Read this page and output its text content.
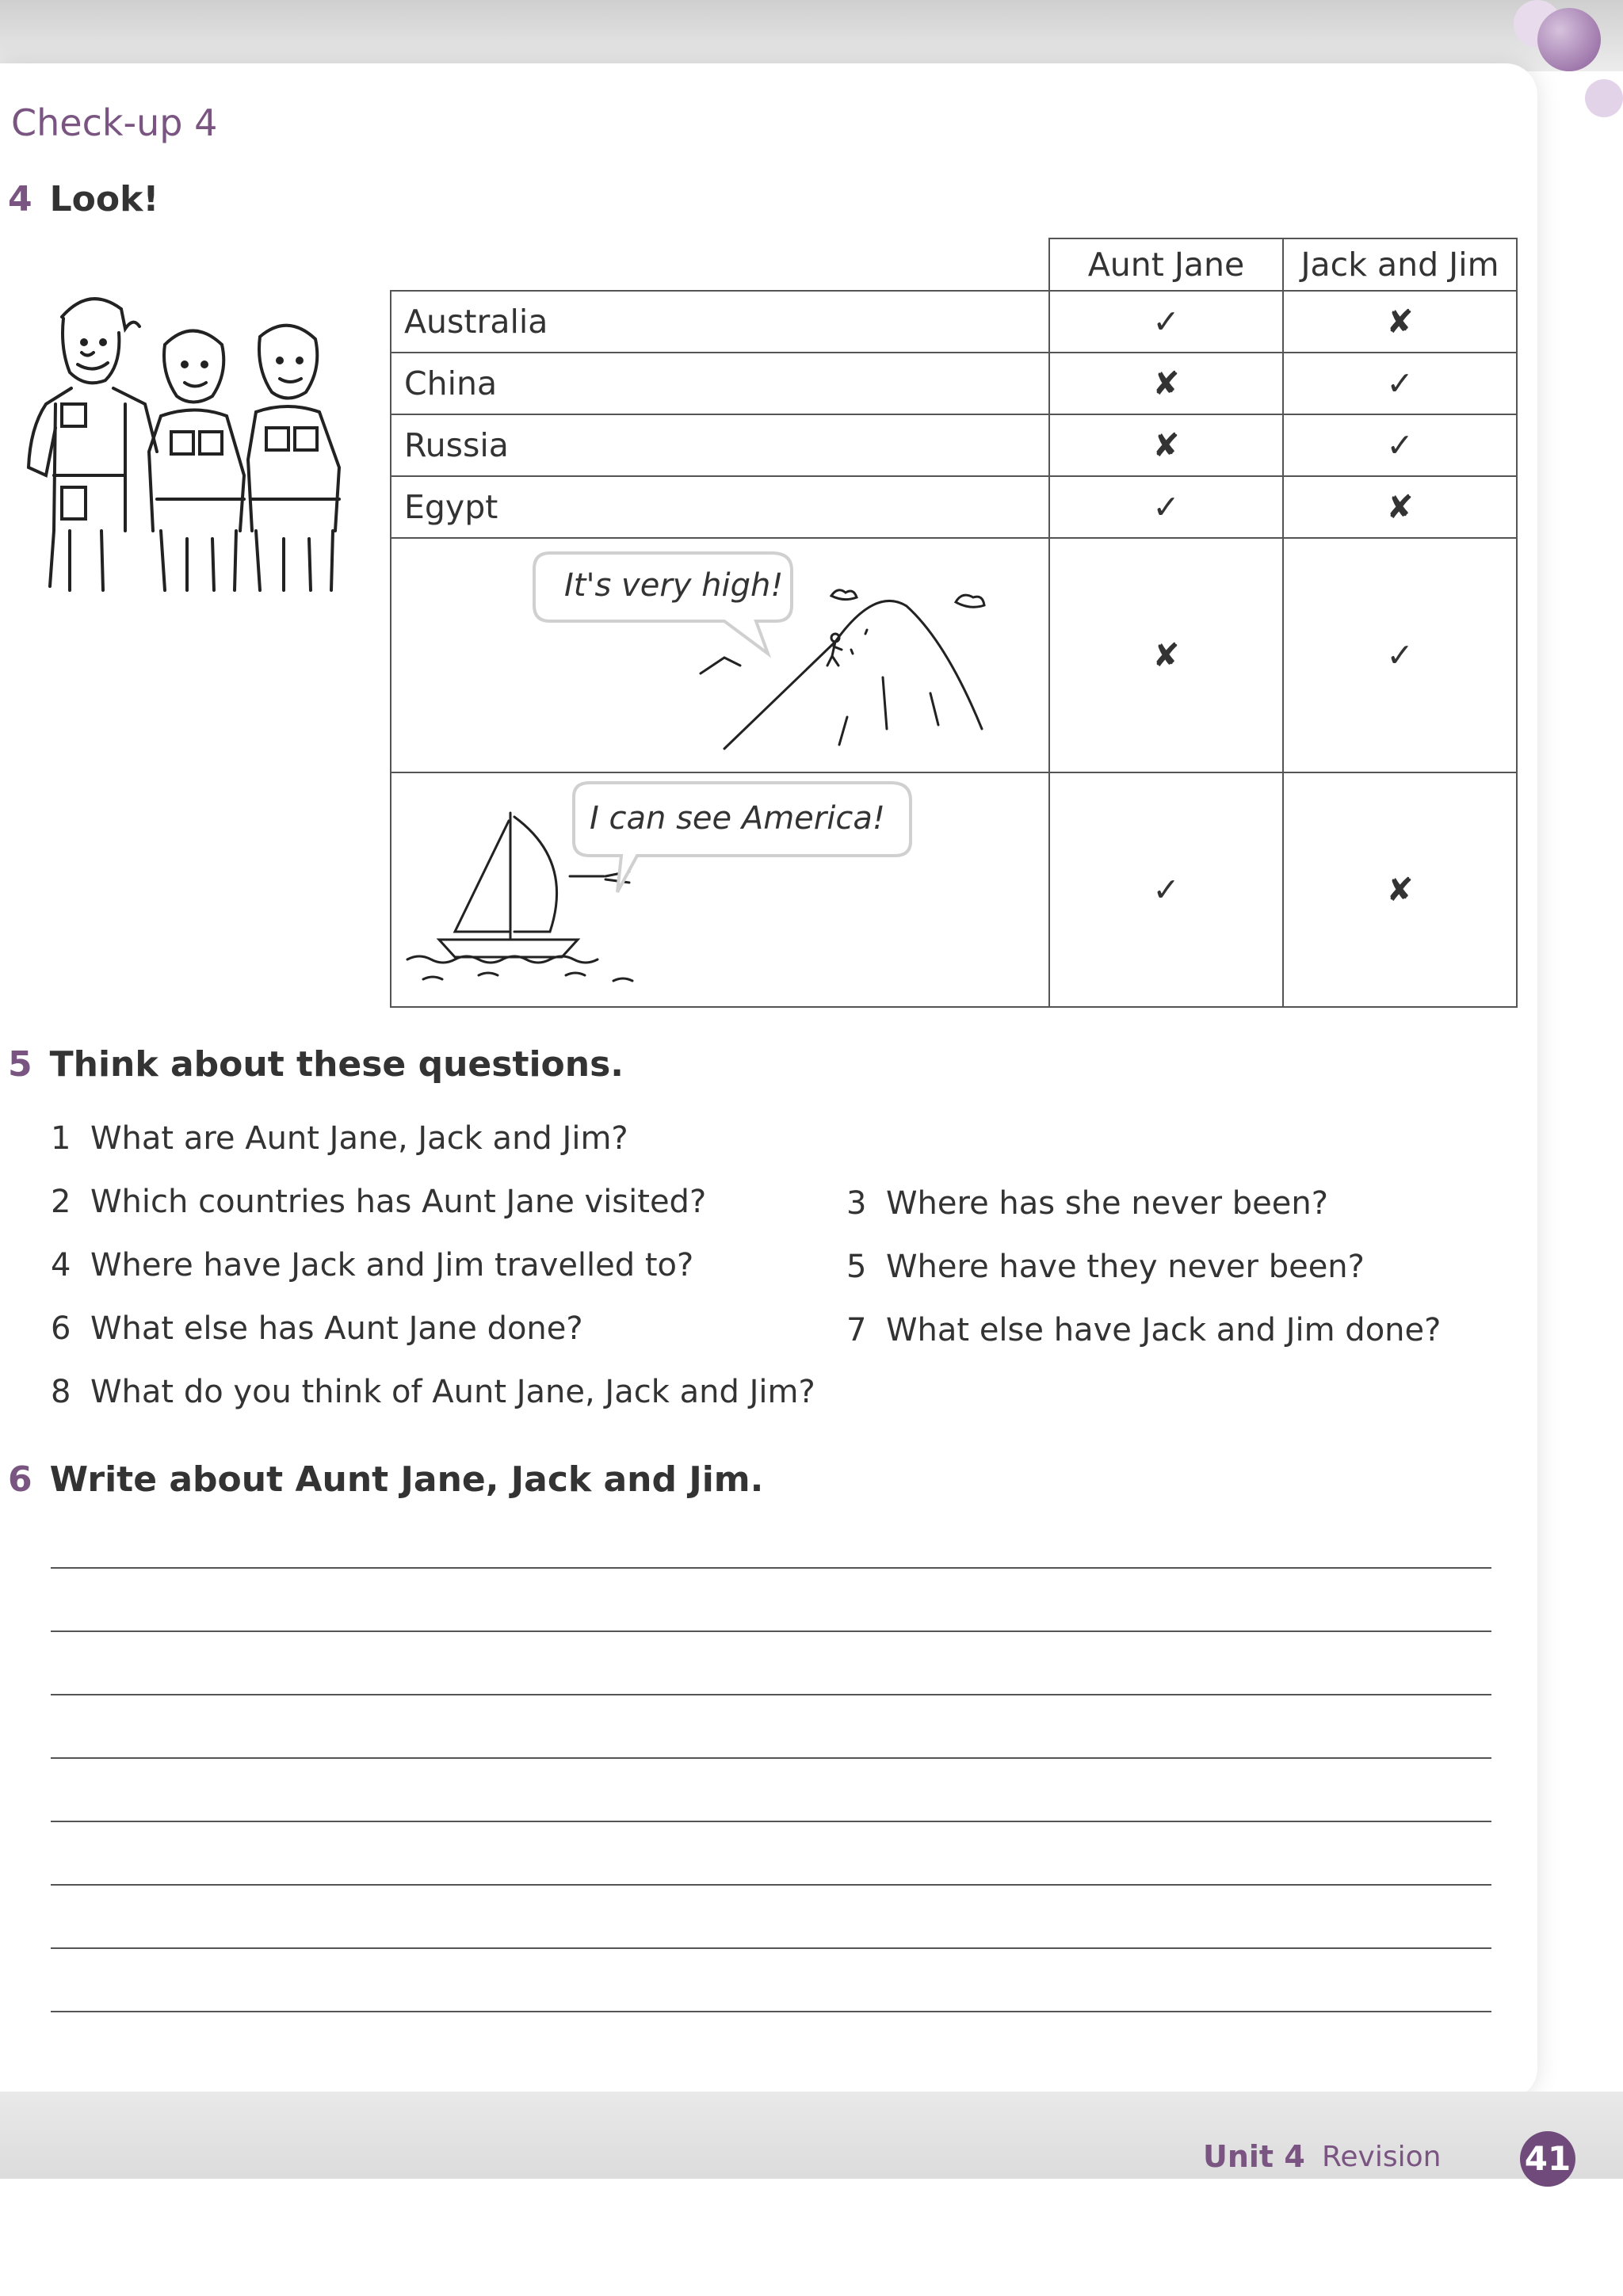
Check-up 4
4 Look!
	Aunt Jane	Jack and Jim
Australia	✓	✘
China	✘	✓
Russia	✘	✓
Egypt	✓	✘

It's very high!	✘	✓

I can see America!	✓	✘
5 Think about these questions.
1 What are Aunt Jane, Jack and Jim?
2 Which countries has Aunt Jane visited?	3 Where has she never been?
4 Where have Jack and Jim travelled to?	5 Where have they never been?
6 What else has Aunt Jane done?	7 What else have Jack and Jim done?
8 What do you think of Aunt Jane, Jack and Jim?
6 Write about Aunt Jane, Jack and Jim.
Unit 4 Revision	41
